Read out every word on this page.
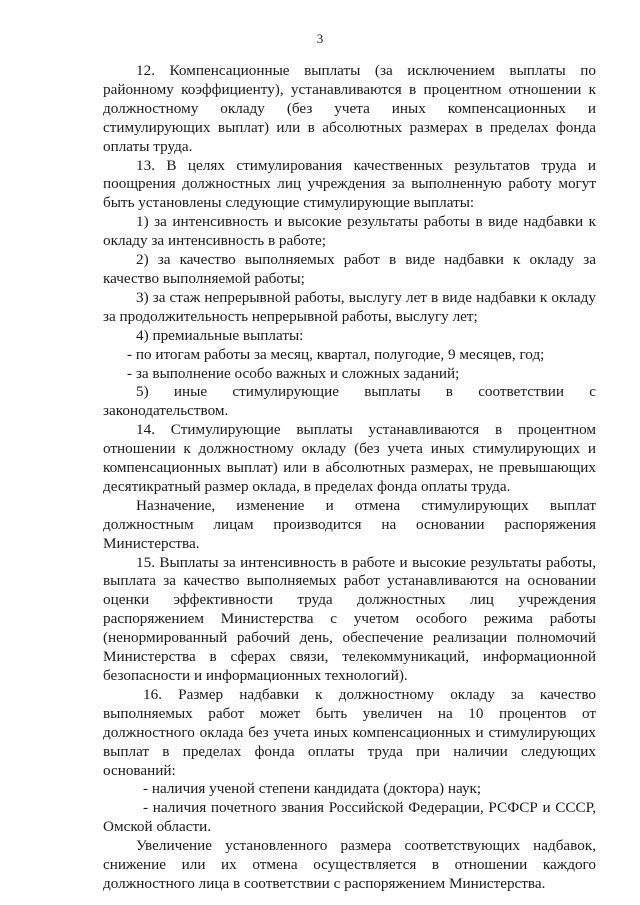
3

12. Компенсационные выплаты (за исключением выплаты по районному коэффициенту), устанавливаются в процентном отношении к должностному окладу (без учета иных компенсационных и стимулирующих выплат) или в абсолютных размерах в пределах фонда оплаты труда.

13. В целях стимулирования качественных результатов труда и поощрения должностных лиц учреждения за выполненную работу могут быть установлены следующие стимулирующие выплаты:

1) за интенсивность и высокие результаты работы в виде надбавки к окладу за интенсивность в работе;

2) за качество выполняемых работ в виде надбавки к окладу за качество выполняемой работы;

3) за стаж непрерывной работы, выслугу лет в виде надбавки к окладу за продолжительность непрерывной работы, выслугу лет;

4) премиальные выплаты:

- по итогам работы за месяц, квартал, полугодие, 9 месяцев, год;

- за выполнение особо важных и сложных заданий;

5) иные стимулирующие выплаты в соответствии с законодательством.

14. Стимулирующие выплаты устанавливаются в процентном отношении к должностному окладу (без учета иных стимулирующих и компенсационных выплат) или в абсолютных размерах, не превышающих десятикратный размер оклада, в пределах фонда оплаты труда.

Назначение, изменение и отмена стимулирующих выплат должностным лицам производится на основании распоряжения Министерства.

15. Выплаты за интенсивность в работе и высокие результаты работы, выплата за качество выполняемых работ устанавливаются на основании оценки эффективности труда должностных лиц учреждения распоряжением Министерства с учетом особого режима работы (ненормированный рабочий день, обеспечение реализации полномочий Министерства в сферах связи, телекоммуникаций, информационной безопасности и информационных технологий).

16. Размер надбавки к должностному окладу за качество выполняемых работ может быть увеличен на 10 процентов от должностного оклада без учета иных компенсационных и стимулирующих выплат в пределах фонда оплаты труда при наличии следующих оснований:

- наличия ученой степени кандидата (доктора) наук;

- наличия почетного звания Российской Федерации, РСФСР и СССР, Омской области.

Увеличение установленного размера соответствующих надбавок, снижение или их отмена осуществляется в отношении каждого должностного лица в соответствии с распоряжением Министерства.
